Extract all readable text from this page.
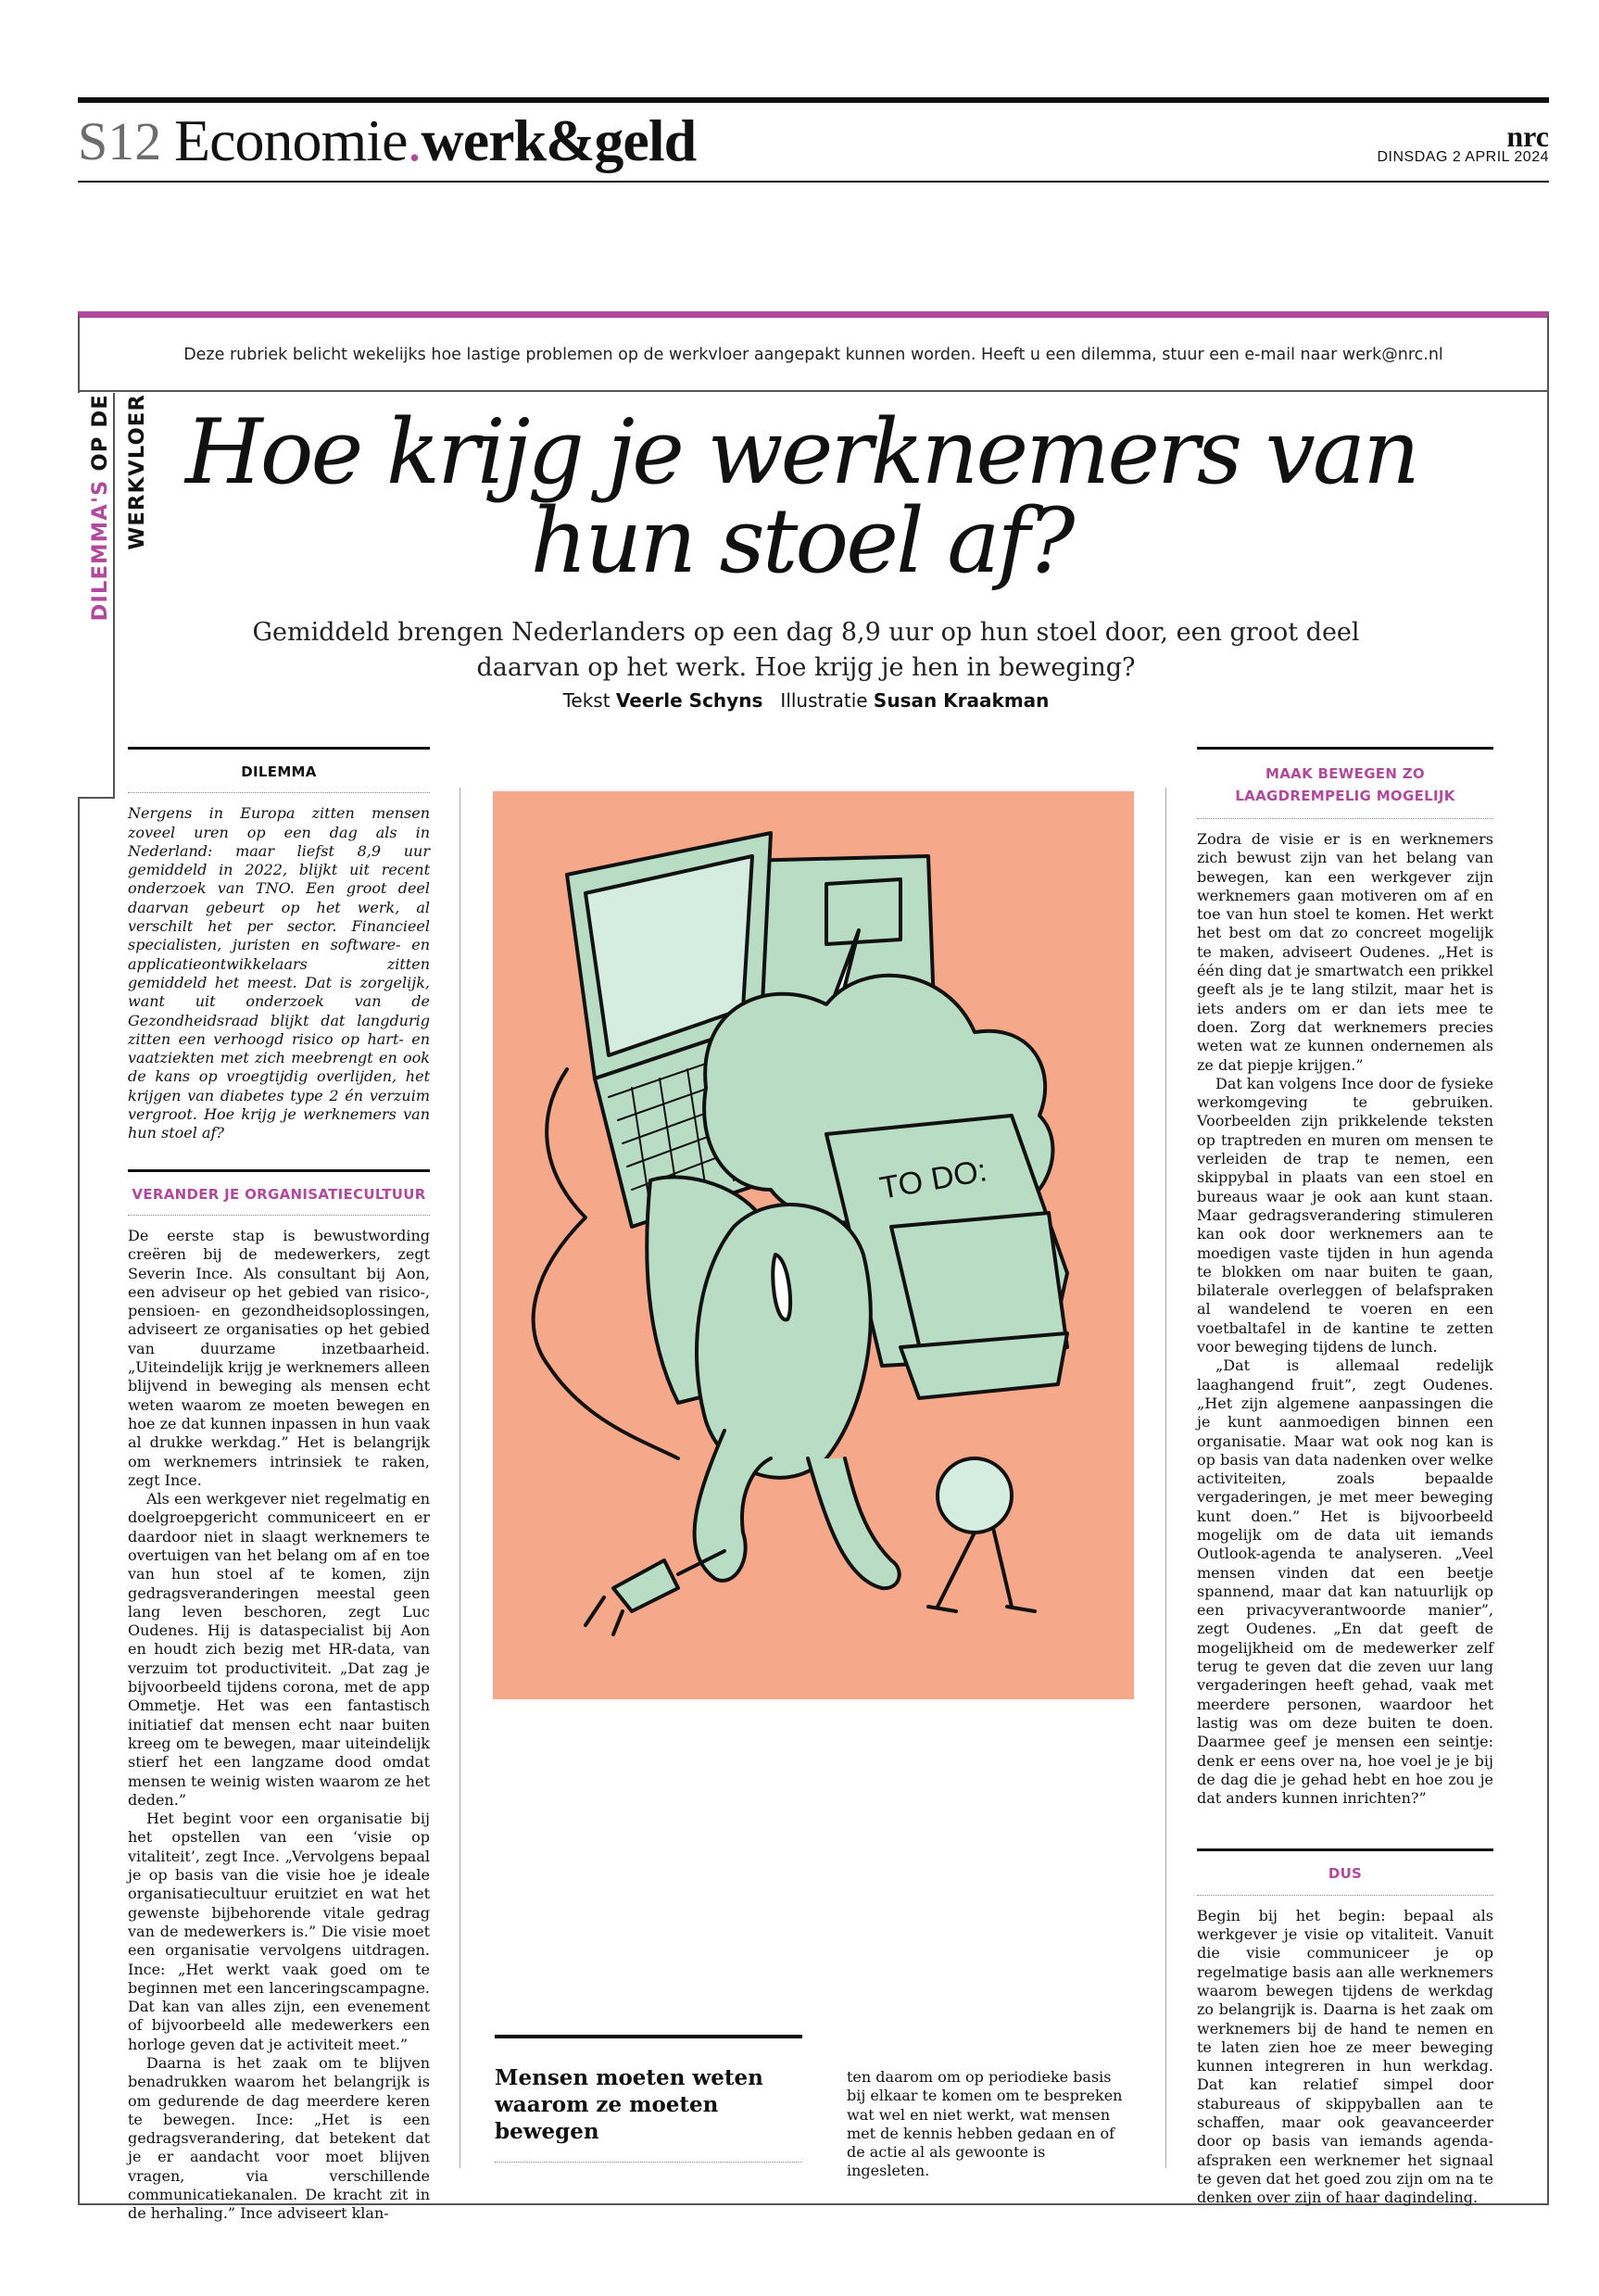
S12 Economie.werk&geld	nrc
DINSDAG 2 APRIL 2024
Deze rubriek belicht wekelijks hoe lastige problemen op de werkvloer aangepakt kunnen worden. Heeft u een dilemma, stuur een e-mail naar werk@nrc.nl
DILEMMA'S OP DE WERKVLOER Hoe krijg je werknemers van hun stoel af?
Gemiddeld brengen Nederlanders op een dag 8,9 uur op hun stoel door, een groot deel daarvan op het werk. Hoe krijg je hen in beweging?
Tekst Veerle Schyns Illustratie Susan Kraakman
DILEMMA

Nergens in Europa zitten mensen zoveel uren op een dag als in Nederland: maar liefst 8,9 uur gemiddeld in 2022, blijkt uit recent onderzoek van TNO. Een groot deel daarvan gebeurt op het werk, al verschilt het per sector. Financieel specialisten, juristen en software- en applicatieontwikkelaars zitten gemiddeld het meest. Dat is zorgelijk, want uit onderzoek van de Gezondheidsraad blijkt dat langdurig zitten een verhoogd risico op hart- en vaatziekten met zich meebrengt en ook de kans op vroegtijdig overlijden, het krijgen van diabetes type 2 én verzuim vergroot. Hoe krijg je werknemers van hun stoel af?

VERANDER JE ORGANISATIECULTUUR

De eerste stap is bewustwording creëren bij de medewerkers, zegt Severin Ince. Als consultant bij Aon, een adviseur op het gebied van risico-, pensioen- en gezondheidsoplossingen, adviseert ze organisaties op het gebied van duurzame inzetbaarheid. „Uiteindelijk krijg je werknemers alleen blijvend in beweging als mensen echt weten waarom ze moeten bewegen en hoe ze dat kunnen inpassen in hun vaak al drukke werkdag.” Het is belangrijk om werknemers intrinsiek te raken, zegt Ince.

Als een werkgever niet regelmatig en doelgroepgericht communiceert en er daardoor niet in slaagt werknemers te overtuigen van het belang om af en toe van hun stoel af te komen, zijn gedragsveranderingen meestal geen lang leven beschoren, zegt Luc Oudenes. Hij is dataspecialist bij Aon en houdt zich bezig met HR-data, van verzuim tot productiviteit. „Dat zag je bijvoorbeeld tijdens corona, met de app Ommetje. Het was een fantastisch initiatief dat mensen echt naar buiten kreeg om te bewegen, maar uiteindelijk stierf het een langzame dood omdat mensen te weinig wisten waarom ze het deden.”

Het begint voor een organisatie bij het opstellen van een ‘visie op vitaliteit’, zegt Ince. „Vervolgens bepaal je op basis van die visie hoe je ideale organisatiecultuur eruitziet en wat het gewenste bijbehorende vitale gedrag van de medewerkers is.” Die visie moet een organisatie vervolgens uitdragen. Ince: „Het werkt vaak goed om te beginnen met een lanceringscampagne. Dat kan van alles zijn, een evenement of bijvoorbeeld alle medewerkers een horloge geven dat je activiteit meet.”

Daarna is het zaak om te blijven benadrukken waarom het belangrijk is om gedurende de dag meerdere keren te bewegen. Ince: „Het is een gedragsverandering, dat betekent dat je er aandacht voor moet blijven vragen, via verschillende communicatiekanalen. De kracht zit in de herhaling.” Ince adviseert klan-

TO DO:
Mensen moeten weten waarom ze moeten bewegen

ten daarom om op periodieke basis bij elkaar te komen om te bespreken wat wel en niet werkt, wat mensen met de kennis hebben gedaan en of de actie al als gewoonte is ingesleten.

MAAK BEWEGEN ZO LAAGDREMPELIG MOGELIJK

Zodra de visie er is en werknemers zich bewust zijn van het belang van bewegen, kan een werkgever zijn werknemers gaan motiveren om af en toe van hun stoel te komen. Het werkt het best om dat zo concreet mogelijk te maken, adviseert Oudenes. „Het is één ding dat je smartwatch een prikkel geeft als je te lang stilzit, maar het is iets anders om er dan iets mee te doen. Zorg dat werknemers precies weten wat ze kunnen ondernemen als ze dat piepje krijgen.”

Dat kan volgens Ince door de fysieke werkomgeving te gebruiken. Voorbeelden zijn prikkelende teksten op traptreden en muren om mensen te verleiden de trap te nemen, een skippybal in plaats van een stoel en bureaus waar je ook aan kunt staan. Maar gedragsverandering stimuleren kan ook door werknemers aan te moedigen vaste tijden in hun agenda te blokken om naar buiten te gaan, bilaterale overleggen of belafspraken al wandelend te voeren en een voetbaltafel in de kantine te zetten voor beweging tijdens de lunch.

„Dat is allemaal redelijk laaghangend fruit”, zegt Oudenes. „Het zijn algemene aanpassingen die je kunt aanmoedigen binnen een organisatie. Maar wat ook nog kan is op basis van data nadenken over welke activiteiten, zoals bepaalde vergaderingen, je met meer beweging kunt doen.” Het is bijvoorbeeld mogelijk om de data uit iemands Outlook-agenda te analyseren. „Veel mensen vinden dat een beetje spannend, maar dat kan natuurlijk op een privacyverantwoorde manier”, zegt Oudenes. „En dat geeft de mogelijkheid om de medewerker zelf terug te geven dat die zeven uur lang vergaderingen heeft gehad, vaak met meerdere personen, waardoor het lastig was om deze buiten te doen. Daarmee geef je mensen een seintje: denk er eens over na, hoe voel je je bij de dag die je gehad hebt en hoe zou je dat anders kunnen inrichten?”

DUS

Begin bij het begin: bepaal als werkgever je visie op vitaliteit. Vanuit die visie communiceer je op regelmatige basis aan alle werknemers waarom bewegen tijdens de werkdag zo belangrijk is. Daarna is het zaak om werknemers bij de hand te nemen en te laten zien hoe ze meer beweging kunnen integreren in hun werkdag. Dat kan relatief simpel door stabureaus of skippyballen aan te schaffen, maar ook geavanceerder door op basis van iemands agenda-afspraken een werknemer het signaal te geven dat het goed zou zijn om na te denken over zijn of haar dagindeling.
